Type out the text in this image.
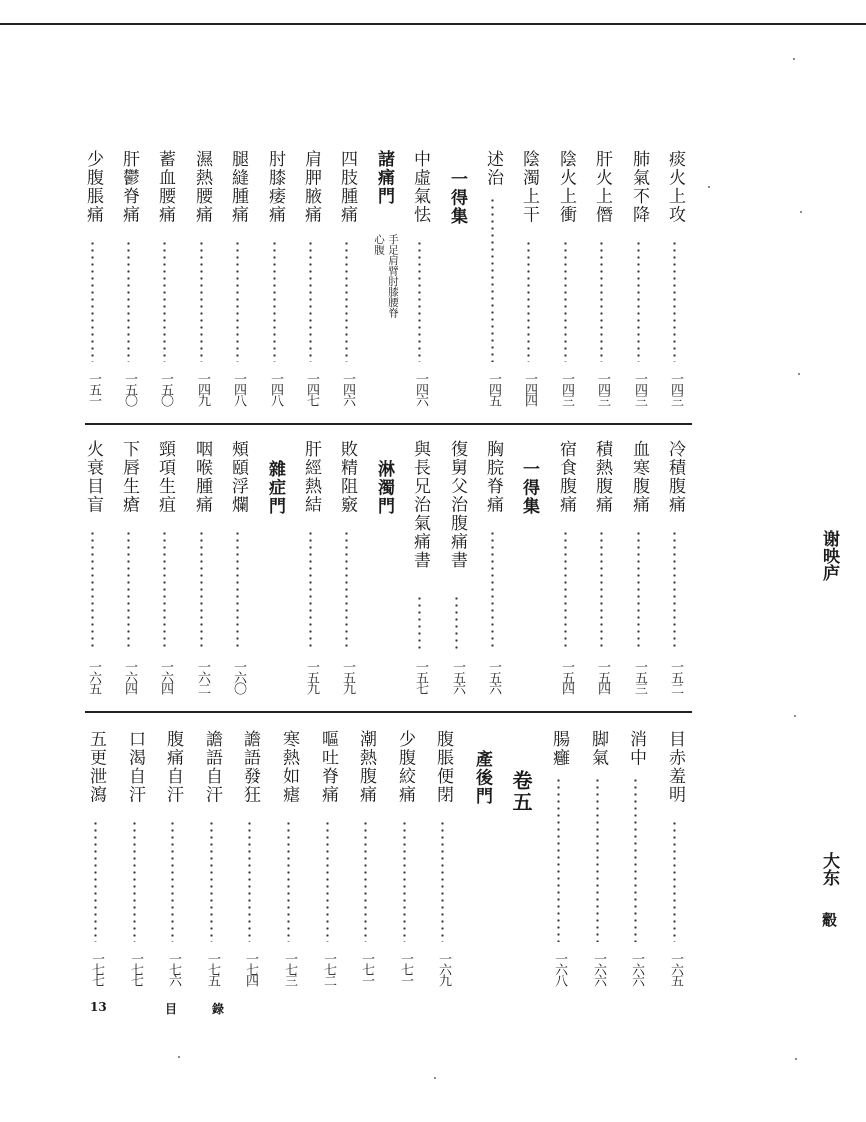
痰火上攻
一四三
肺氣不降
一四三
肝火上僭
一四三
陰火上衝
一四三
陰濁上干
一四四
述治
一四五
一得集
中虛氣怯
一四六
諸痛門
手足肩臂肘膝腰脊心腹
四肢腫痛
一四六
肩胛腋痛
一四七
肘膝痿痛
一四八
腿縫腫痛
一四八
濕熱腰痛
一四九
蓄血腰痛
一五〇
肝鬱脊痛
一五〇
少腹脹痛
一五一
冷積腹痛
一五二
血寒腹痛
一五三
積熱腹痛
一五四
宿食腹痛
一五四
一得集
胸脘脊痛
一五六
復舅父治腹痛書
一五六
與長兄治氣痛書
一五七
淋濁門
敗精阻竅
一五九
肝經熱結
一五九
雜症門
頰頤浮爛
一六〇
咽喉腫痛
一六二
頸項生疽
一六四
下唇生瘡
一六四
火衰目盲
一六五
目赤羞明
一六五
消中
一六六
脚氣
一六六
腸癰
一六八
卷五
產後門
腹脹便閉
一六九
少腹絞痛
一七一
潮熱腹痛
一七一
嘔吐脊痛
一七二
寒熱如瘧
一七三
譫語發狂
一七四
譫語自汗
一七五
腹痛自汗
一七六
口渴自汗
一七七
五更泄瀉
一七七
谢映庐
大东
觳
13	目	錄
